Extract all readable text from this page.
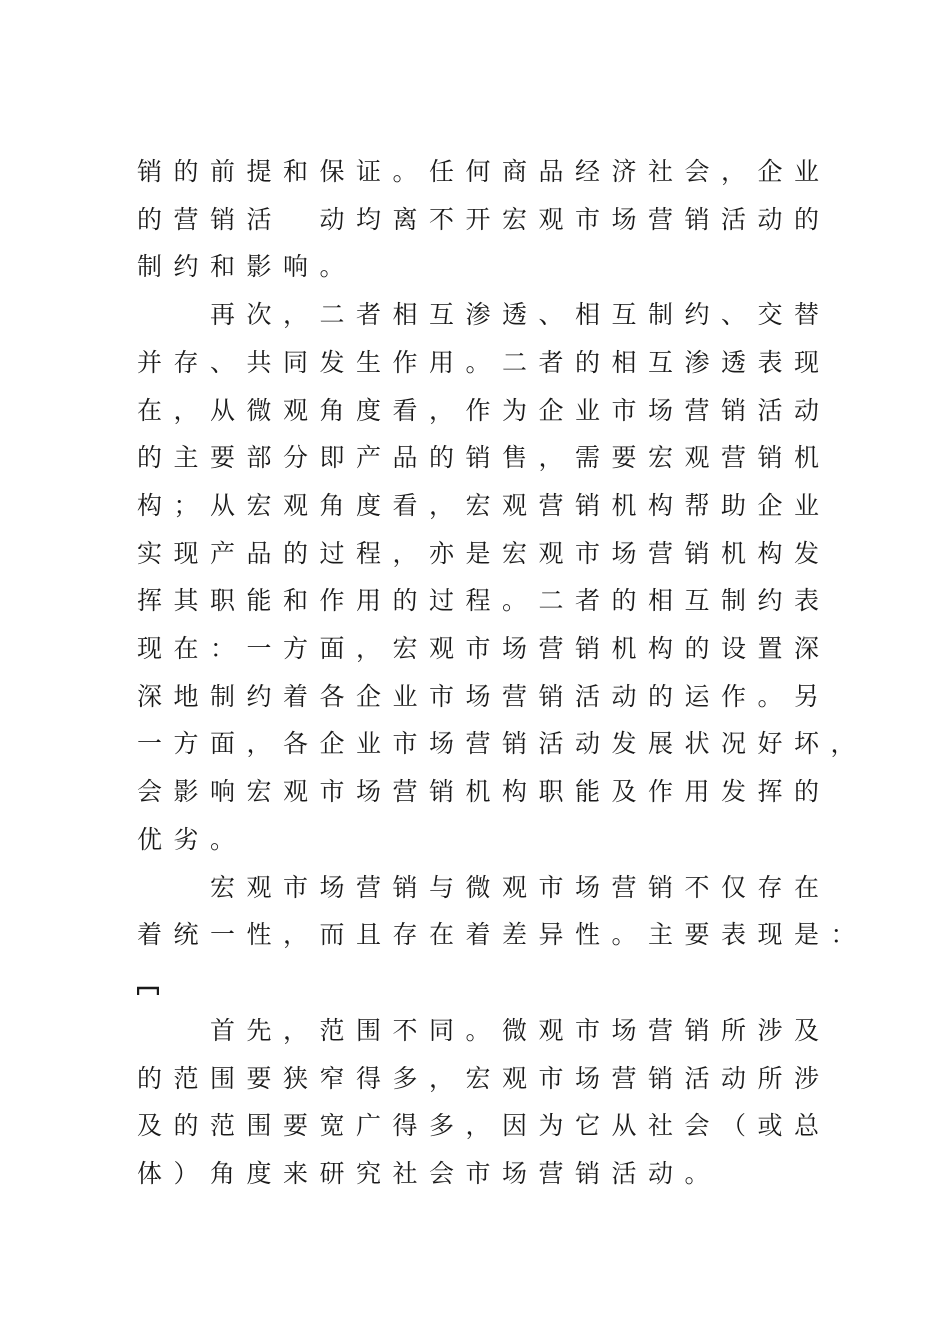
销的前提和保证。任何商品经济社会，企业
的营销活　动均离不开宏观市场营销活动的
制约和影响。
　　再次，二者相互渗透、相互制约、交替
并存、共同发生作用。二者的相互渗透表现
在，从微观角度看，作为企业市场营销活动
的主要部分即产品的销售，需要宏观营销机
构；从宏观角度看，宏观营销机构帮助企业
实现产品的过程，亦是宏观市场营销机构发
挥其职能和作用的过程。二者的相互制约表
现在：一方面，宏观市场营销机构的设置深
深地制约着各企业市场营销活动的运作。另
一方面，各企业市场营销活动发展状况好坏，
会影响宏观市场营销机构职能及作用发挥的
优劣。
　　宏观市场营销与微观市场营销不仅存在
着统一性，而且存在着差异性。主要表现是：
　　首先，范围不同。微观市场营销所涉及
的范围要狭窄得多，宏观市场营销活动所涉
及的范围要宽广得多，因为它从社会（或总
体）角度来研究社会市场营销活动。
